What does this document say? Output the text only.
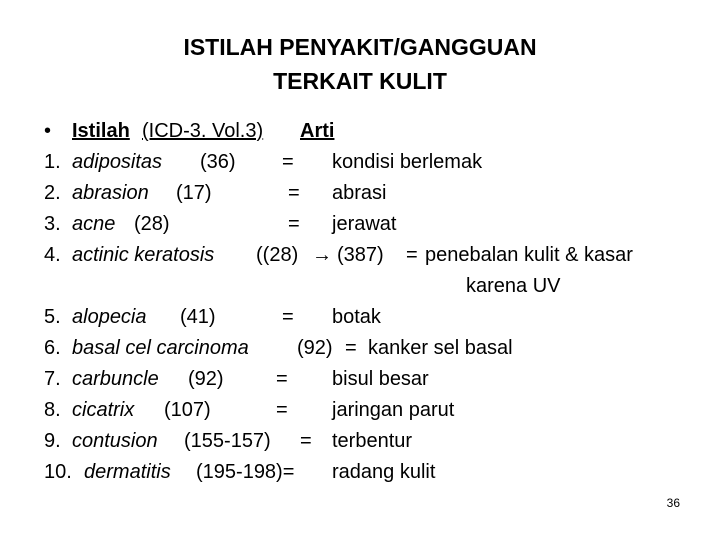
ISTILAH PENYAKIT/GANGGUAN
TERKAIT KULIT
• Istilah (ICD-3. Vol.3) Arti
1. adipositas (36) = kondisi berlemak
2. abrasion (17)	= abrasi
3. acne (28)	= jerawat
4. actinic keratosis ((28) → (387) = penebalan kulit & kasar
karena UV
5. alopecia (41)	= botak
6. basal cel carcinoma (92) = kanker sel basal
7. carbuncle (92)	= bisul besar
8. cicatrix (107)	= jaringan parut
9. contusion (155-157) = terbentur
10. dermatitis (195-198)= radang kulit
36
